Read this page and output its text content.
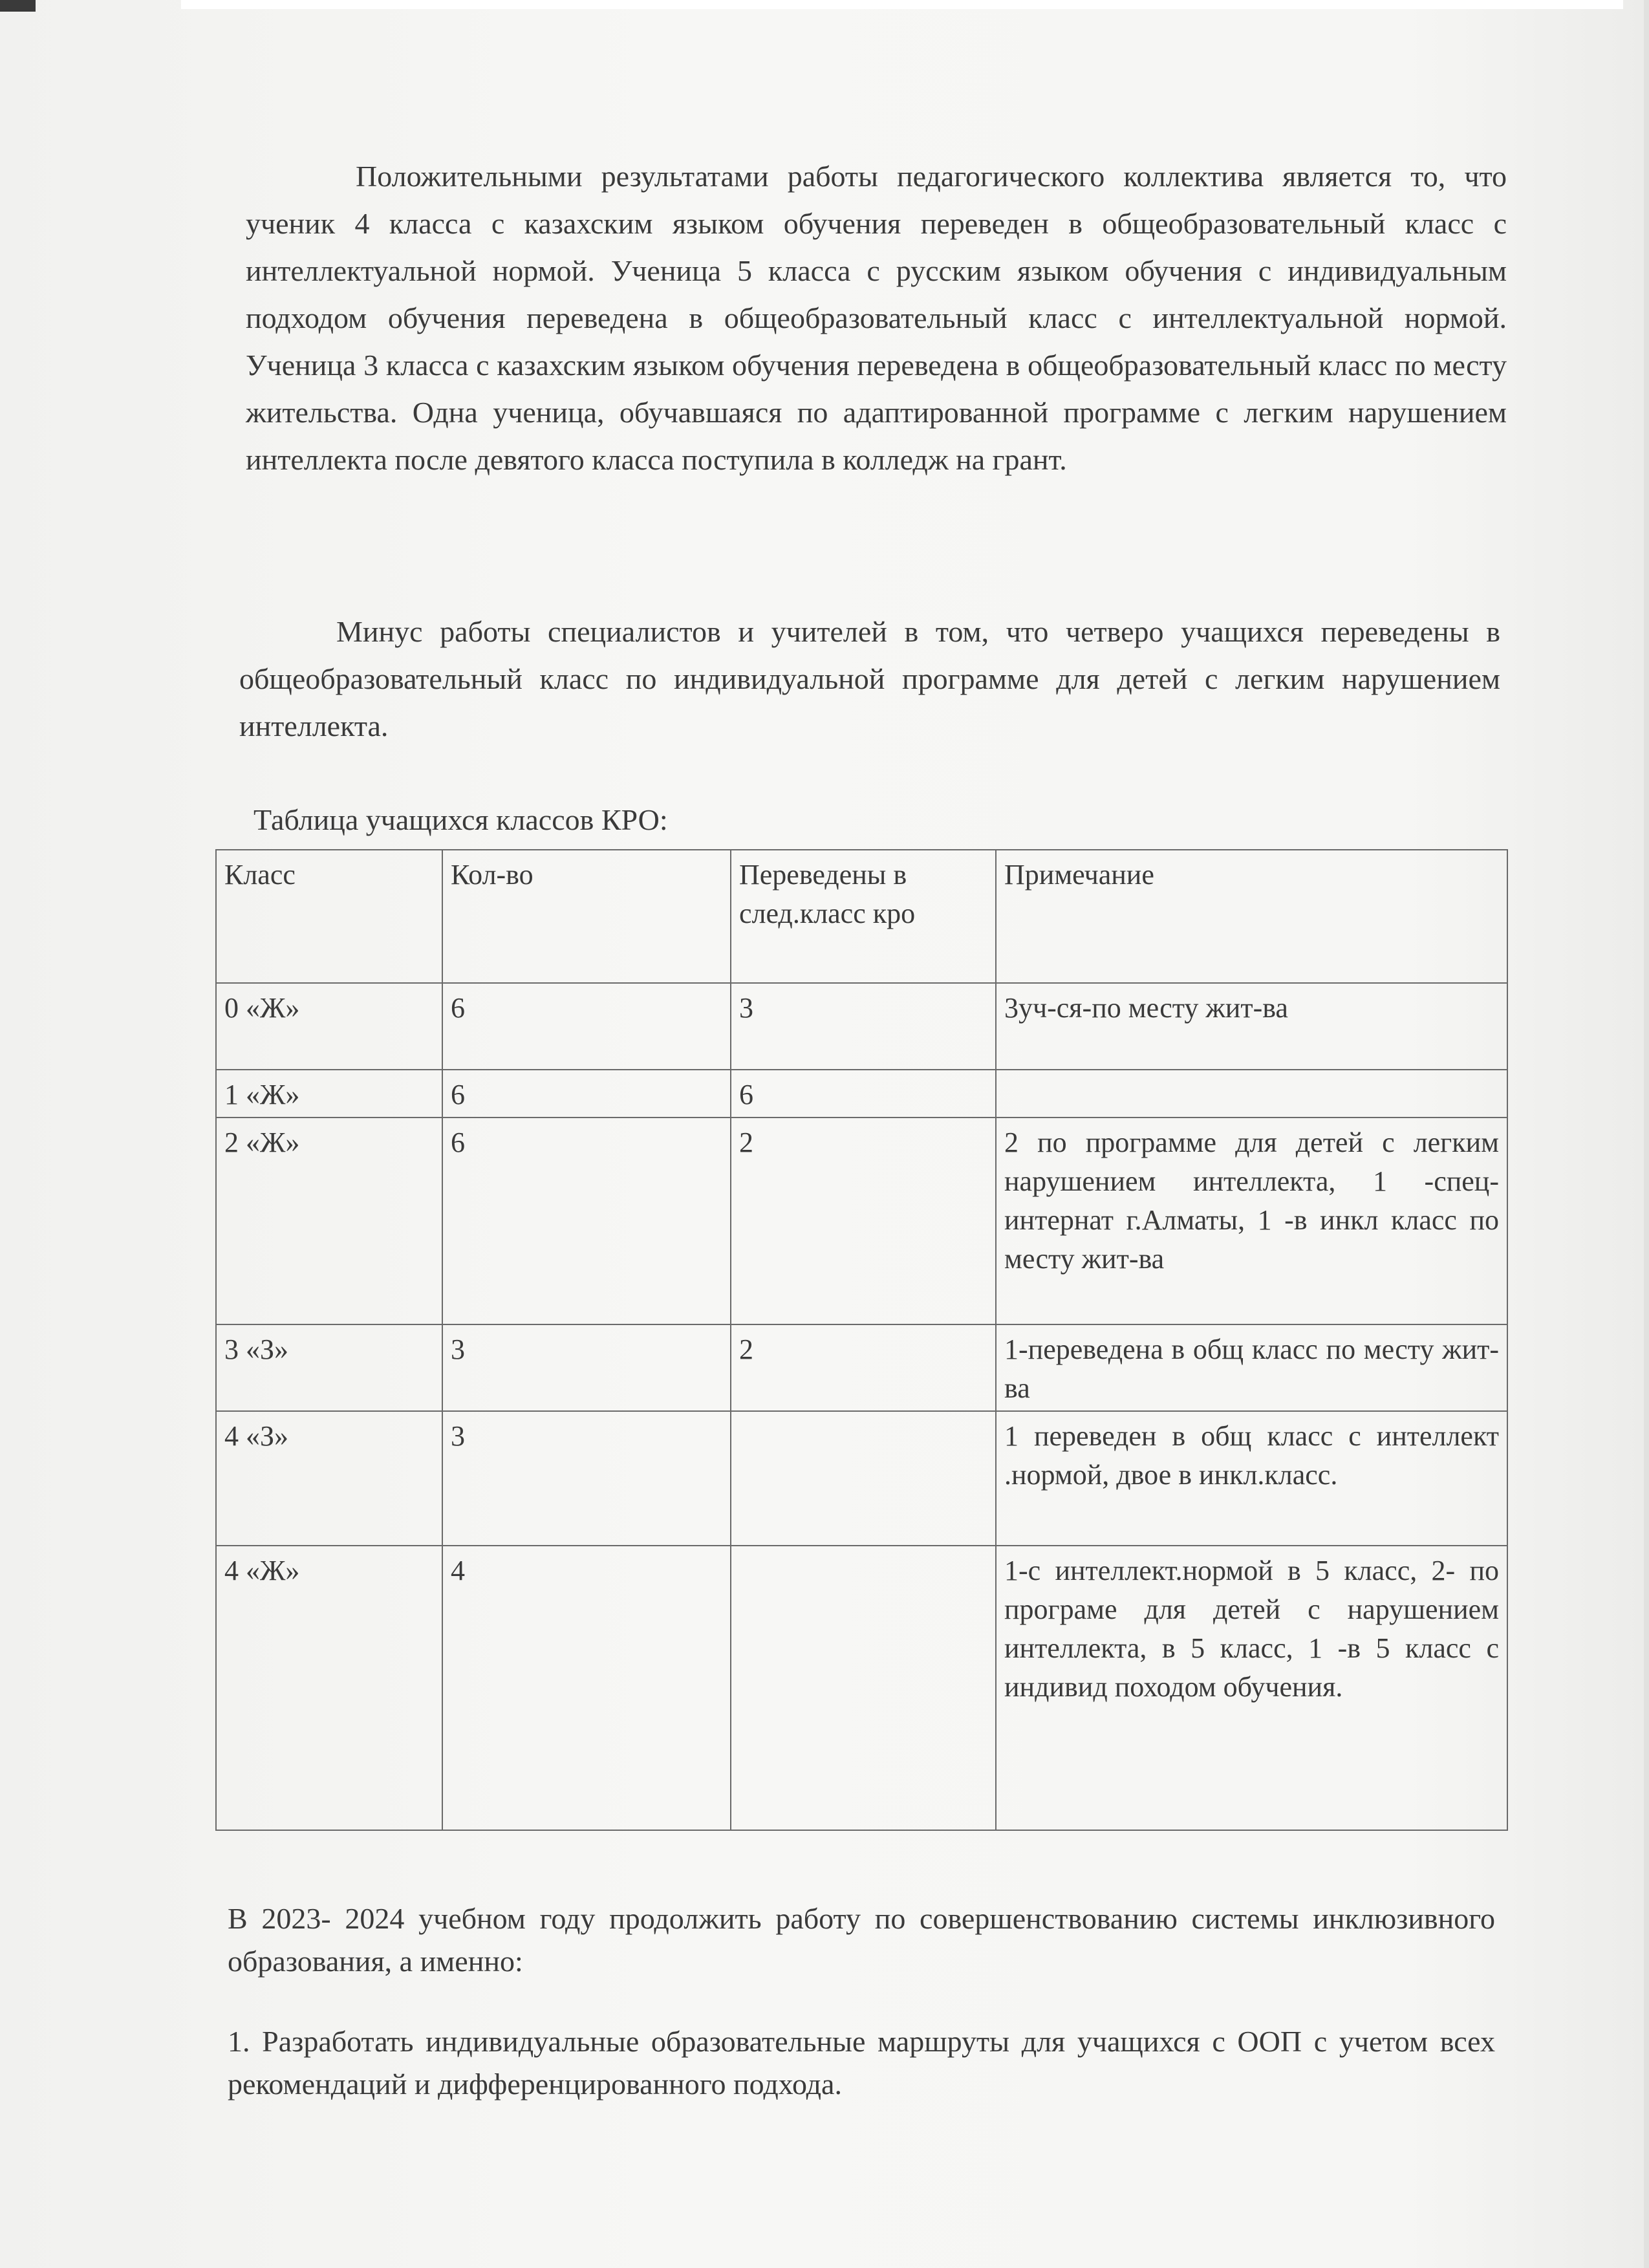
Положительными результатами работы педагогического коллектива является то, что ученик 4 класса с казахским языком обучения переведен в общеобразовательный класс с интеллектуальной нормой. Ученица 5 класса с русским языком обучения с индивидуальным подходом обучения переведена в общеобразовательный класс с интеллектуальной нормой. Ученица 3 класса с казахским языком обучения переведена в общеобразовательный класс по месту жительства. Одна ученица, обучавшаяся по адаптированной программе с легким нарушением интеллекта после девятого класса поступила в колледж на грант.
Минус работы специалистов и учителей в том, что четверо учащихся переведены в общеобразовательный класс по индивидуальной программе для детей с легким нарушением интеллекта.
Таблица учащихся классов КРО:
Класс	Кол-во	Переведены в след.класс кро	Примечание
0 «Ж»	6	3	3уч-ся-по месту жит-ва
1 «Ж»	6	6	
2 «Ж»	6	2	2 по программе для детей с легким нарушением интеллекта, 1 -спец-интернат г.Алматы, 1 -в инкл класс по месту жит-ва
3 «З»	3	2	1-переведена в общ класс по месту жит-ва
4 «З»	3		1 переведен в общ класс с интеллект .нормой, двое в инкл.класс.
4 «Ж»	4		1-с интеллект.нормой в 5 класс, 2- по програме для детей с нарушением интеллекта, в 5 класс, 1 -в 5 класс с индивид походом обучения.
В 2023- 2024 учебном году продолжить работу по совершенствованию системы инклюзивного образования, а именно:
1. Разработать индивидуальные образовательные маршруты для учащихся с ООП с учетом всех рекомендаций и дифференцированного подхода.
